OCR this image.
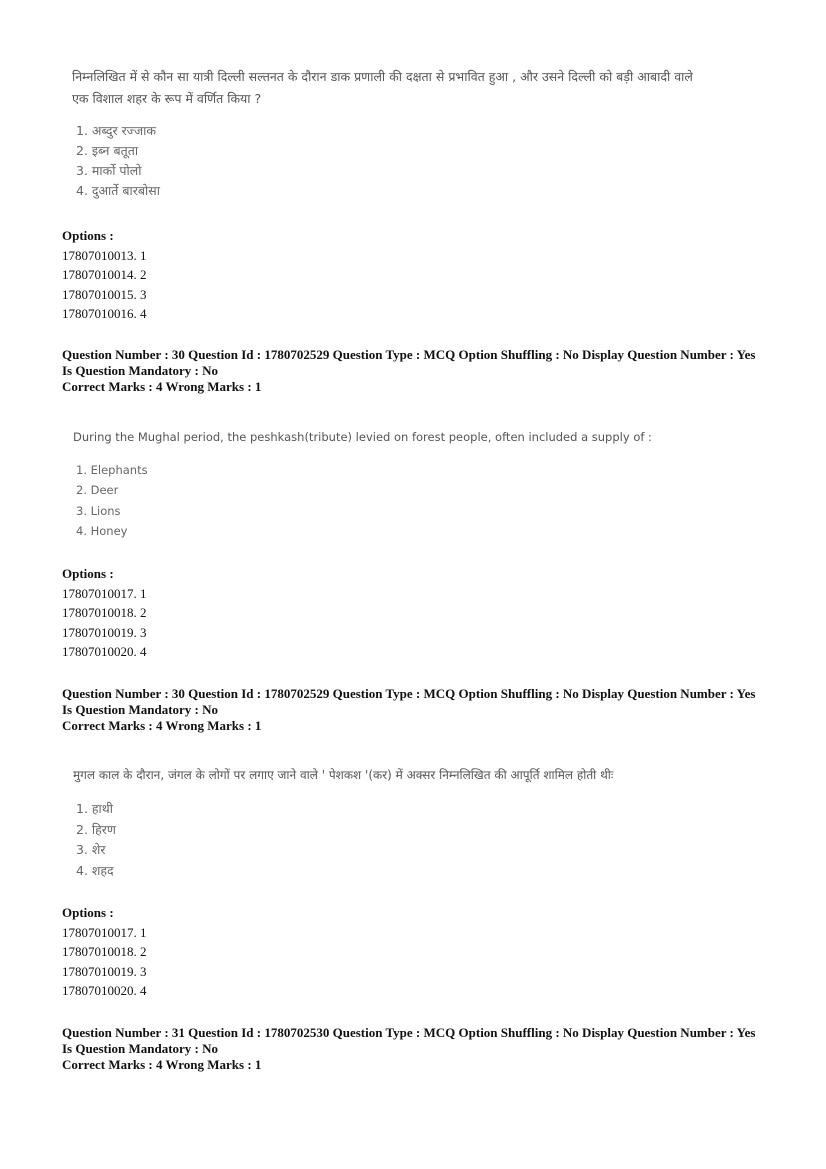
निम्नलिखित में से कौन सा यात्री दिल्ली सल्तनत के दौरान डाक प्रणाली की दक्षता से प्रभावित हुआ , और उसने दिल्ली को बड़ी आबादी वाले
एक विशाल शहर के रूप में वर्णित किया ?
1. अब्दुर रज्जाक
2. इब्न बतूता
3. मार्को पोलो
4. दुआर्ते बारबोसा
Options :
17807010013. 1
17807010014. 2
17807010015. 3
17807010016. 4
Question Number : 30 Question Id : 1780702529 Question Type : MCQ Option Shuffling : No Display Question Number : Yes
Is Question Mandatory : No
Correct Marks : 4 Wrong Marks : 1
During the Mughal period, the peshkash(tribute) levied on forest people, often included a supply of :
1. Elephants
2. Deer
3. Lions
4. Honey
Options :
17807010017. 1
17807010018. 2
17807010019. 3
17807010020. 4
Question Number : 30 Question Id : 1780702529 Question Type : MCQ Option Shuffling : No Display Question Number : Yes
Is Question Mandatory : No
Correct Marks : 4 Wrong Marks : 1
मुगल काल के दौरान, जंगल के लोगों पर लगाए जाने वाले ' पेशकश '(कर) में अक्सर निम्नलिखित की आपूर्ति शामिल होती थीः
1. हाथी
2. हिरण
3. शेर
4. शहद
Options :
17807010017. 1
17807010018. 2
17807010019. 3
17807010020. 4
Question Number : 31 Question Id : 1780702530 Question Type : MCQ Option Shuffling : No Display Question Number : Yes
Is Question Mandatory : No
Correct Marks : 4 Wrong Marks : 1
